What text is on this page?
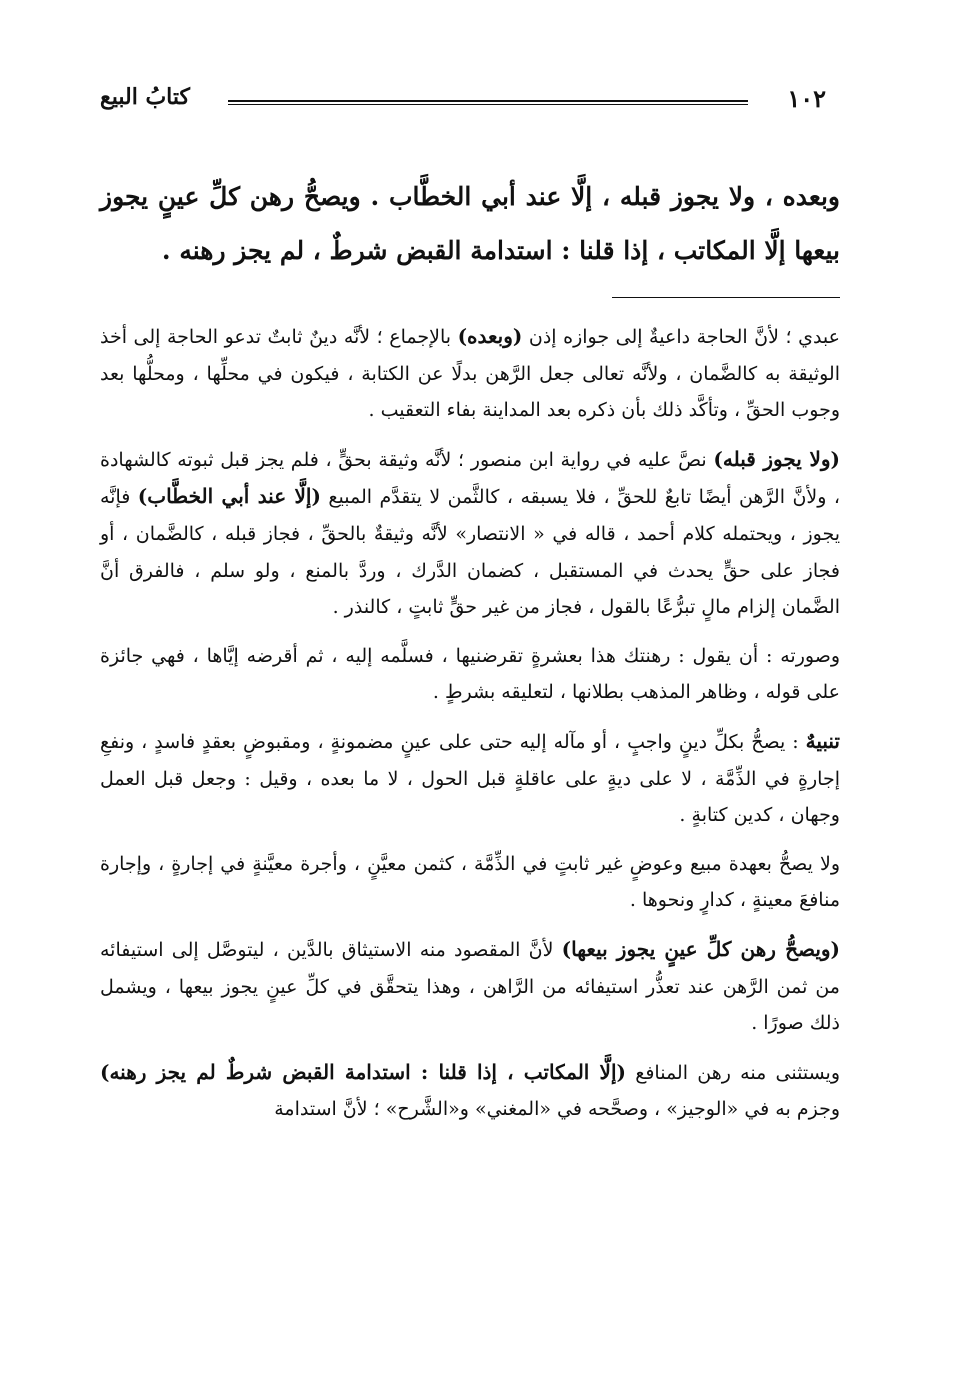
١٠٢
كتابُ البيع
وبعده ، ولا يجوز قبله ، إلَّا عند أبي الخطَّاب . ويصحُّ رهن كلِّ عينٍ يجوز بيعها إلَّا المكاتب ، إذا قلنا : استدامة القبض شرطٌ ، لم يجز رهنه .

عبدي ؛ لأنَّ الحاجة داعيةٌ إلى جوازه إذن (وبعده) بالإجماع ؛ لأنَّه دينٌ ثابتٌ تدعو الحاجة إلى أخذ الوثيقة به كالضَّمان ، ولأنَّه تعالى جعل الرَّهن بدلًا عن الكتابة ، فيكون في محلِّها ، ومحلُّها بعد وجوب الحقِّ ، وتأكَّد ذلك بأن ذكره بعد المداينة بفاء التعقيب .

(ولا يجوز قبله) نصَّ عليه في رواية ابن منصور ؛ لأنَّه وثيقة بحقٍّ ، فلم يجز قبل ثبوته كالشهادة ، ولأنَّ الرَّهن أيضًا تابعٌ للحقِّ ، فلا يسبقه ، كالثَّمن لا يتقدَّم المبيع (إلَّا عند أبي الخطَّاب) فإنَّه يجوز ، ويحتمله كلام أحمد ، قاله في « الانتصار» لأنَّه وثيقةٌ بالحقِّ ، فجاز قبله ، كالضَّمان ، أو فجاز على حقٍّ يحدث في المستقبل ، كضمان الدَّرك ، وردَّ بالمنع ، ولو سلم ، فالفرق أنَّ الضَّمان إلزام مالٍ تبرُّعًا بالقول ، فجاز من غير حقٍّ ثابتٍ ، كالنذر .

وصورته : أن يقول : رهنتك هذا بعشرةٍ تقرضنيها ، فسلَّمه إليه ، ثم أقرضه إيَّاها ، فهي جائزة على قوله ، وظاهر المذهب بطلانها ، لتعليقه بشرطٍ .

تنبيهٌ : يصحُّ بكلِّ دينٍ واجبٍ ، أو مآله إليه حتى على عينٍ مضمونةٍ ، ومقبوضٍ بعقدٍ فاسدٍ ، ونفعِ إجارةٍ في الذِّمَّة ، لا على ديةٍ على عاقلةٍ قبل الحول ، لا ما بعده ، وقيل : وجعل قبل العمل وجهان ، كدين كتابةٍ .

ولا يصحُّ بعهدة مبيع وعوضٍ غير ثابتٍ في الذِّمَّة ، كثمن معيَّنٍ ، وأجرة معيَّنةٍ في إجارةٍ ، وإجارة منافعَ معينةٍ ، كدارٍ ونحوها .

(ويصحُّ رهن كلِّ عينٍ يجوز بيعها) لأنَّ المقصود منه الاستيثاق بالدَّين ، ليتوصَّل إلى استيفائه من ثمن الرَّهن عند تعذُّر استيفائه من الرَّاهن ، وهذا يتحقَّق في كلِّ عينٍ يجوز بيعها ، ويشمل ذلك صورًا .

ويستثنى منه رهن المنافع (إلَّا المكاتب ، إذا قلنا : استدامة القبض شرطٌ لم يجز رهنه) وجزم به في «الوجيز» ، وصحَّحه في «المغني» و«الشَّرح» ؛ لأنَّ استدامة
